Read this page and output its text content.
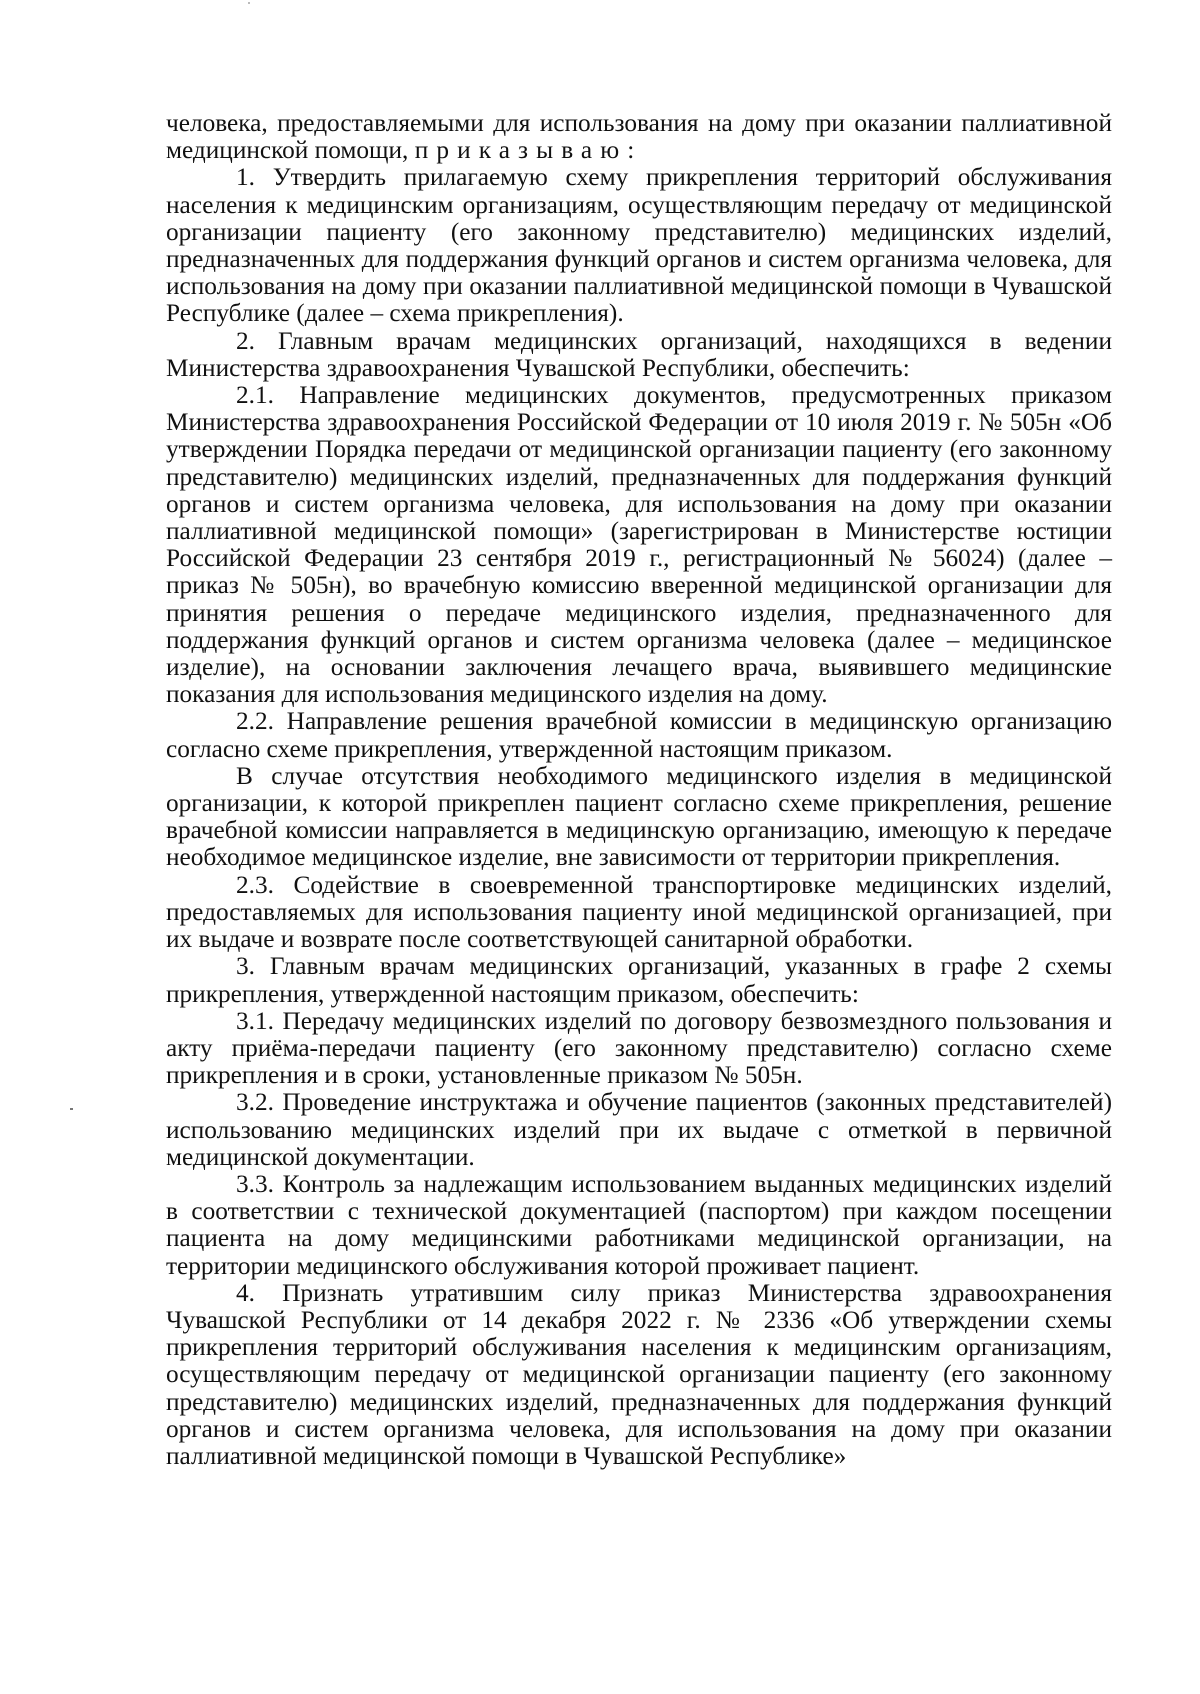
человека, предоставляемыми для использования на дому при оказании паллиативной медицинской помощи, приказываю:

1. Утвердить прилагаемую схему прикрепления территорий обслуживания населения к медицинским организациям, осуществляющим передачу от медицинской организации пациенту (его законному представителю) медицинских изделий, предназначенных для поддержания функций органов и систем организма человека, для использования на дому при оказании паллиативной медицинской помощи в Чувашской Республике (далее – схема прикрепления).

2. Главным врачам медицинских организаций, находящихся в ведении Министерства здравоохранения Чувашской Республики, обеспечить:

2.1. Направление медицинских документов, предусмотренных приказом Министерства здравоохранения Российской Федерации от 10 июля 2019 г. № 505н «Об утверждении Порядка передачи от медицинской организации пациенту (его законному представителю) медицинских изделий, предназначенных для поддержания функций органов и систем организма человека, для использования на дому при оказании паллиативной медицинской помощи» (зарегистрирован в Министерстве юстиции Российской Федерации 23 сентября 2019 г., регистрационный № 56024) (далее – приказ № 505н), во врачебную комиссию вверенной медицинской организации для принятия решения о передаче медицинского изделия, предназначенного для поддержания функций органов и систем организма человека (далее – медицинское изделие), на основании заключения лечащего врача, выявившего медицинские показания для использования медицинского изделия на дому.

2.2. Направление решения врачебной комиссии в медицинскую организацию согласно схеме прикрепления, утвержденной настоящим приказом.

В случае отсутствия необходимого медицинского изделия в медицинской организации, к которой прикреплен пациент согласно схеме прикрепления, решение врачебной комиссии направляется в медицинскую организацию, имеющую к передаче необходимое медицинское изделие, вне зависимости от территории прикрепления.

2.3. Содействие в своевременной транспортировке медицинских изделий, предоставляемых для использования пациенту иной медицинской организацией, при их выдаче и возврате после соответствующей санитарной обработки.

3. Главным врачам медицинских организаций, указанных в графе 2 схемы прикрепления, утвержденной настоящим приказом, обеспечить:

3.1. Передачу медицинских изделий по договору безвозмездного пользования и акту приёма-передачи пациенту (его законному представителю) согласно схеме прикрепления и в сроки, установленные приказом № 505н.

3.2. Проведение инструктажа и обучение пациентов (законных представителей) использованию медицинских изделий при их выдаче с отметкой в первичной медицинской документации.

3.3. Контроль за надлежащим использованием выданных медицинских изделий в соответствии с технической документацией (паспортом) при каждом посещении пациента на дому медицинскими работниками медицинской организации, на территории медицинского обслуживания которой проживает пациент.

4. Признать утратившим силу приказ Министерства здравоохранения Чувашской Республики от 14 декабря 2022 г. № 2336 «Об утверждении схемы прикрепления территорий обслуживания населения к медицинским организациям, осуществляющим передачу от медицинской организации пациенту (его законному представителю) медицинских изделий, предназначенных для поддержания функций органов и систем организма человека, для использования на дому при оказании паллиативной медицинской помощи в Чувашской Республике»
